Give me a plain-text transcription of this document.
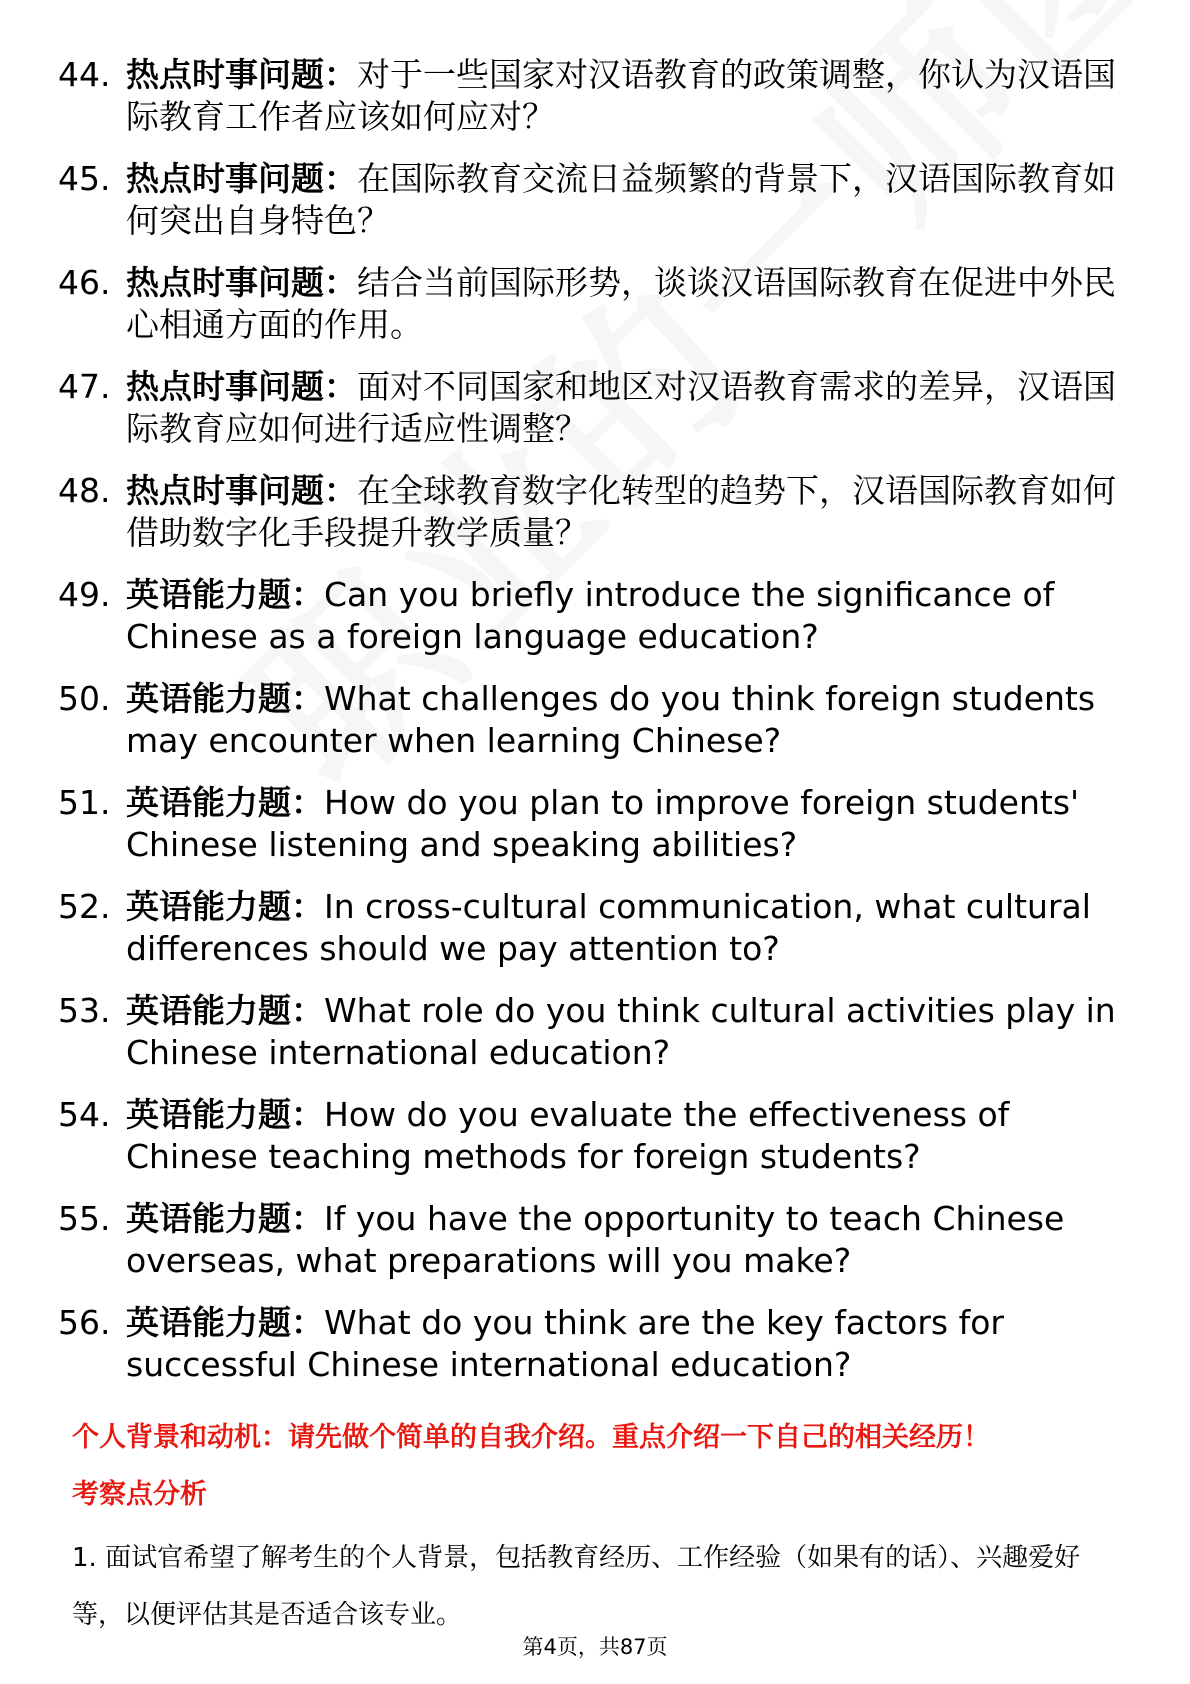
44. 热点时事问题：对于一些国家对汉语教育的政策调整，你认为汉语国际教育工作者应该如何应对？
45. 热点时事问题：在国际教育交流日益频繁的背景下，汉语国际教育如何突出自身特色？
46. 热点时事问题：结合当前国际形势，谈谈汉语国际教育在促进中外民心相通方面的作用。
47. 热点时事问题：面对不同国家和地区对汉语教育需求的差异，汉语国际教育应如何进行适应性调整？
48. 热点时事问题：在全球教育数字化转型的趋势下，汉语国际教育如何借助数字化手段提升教学质量？
49. 英语能力题：Can you briefly introduce the significance of Chinese as a foreign language education?
50. 英语能力题：What challenges do you think foreign students may encounter when learning Chinese?
51. 英语能力题：How do you plan to improve foreign students' Chinese listening and speaking abilities?
52. 英语能力题：In cross-cultural communication, what cultural differences should we pay attention to?
53. 英语能力题：What role do you think cultural activities play in Chinese international education?
54. 英语能力题：How do you evaluate the effectiveness of Chinese teaching methods for foreign students?
55. 英语能力题：If you have the opportunity to teach Chinese overseas, what preparations will you make?
56. 英语能力题：What do you think are the key factors for successful Chinese international education?
个人背景和动机：请先做个简单的自我介绍。重点介绍一下自己的相关经历！
考察点分析

1. 面试官希望了解考生的个人背景，包括教育经历、工作经验（如果有的话）、兴趣爱好等，以便评估其是否适合该专业。

第4页，共87页
